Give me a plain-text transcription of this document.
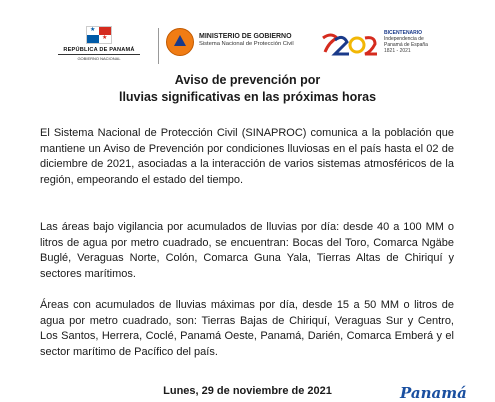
★
★
REPÚBLICA DE PANAMÁ
GOBIERNO NACIONAL
MINISTERIO DE GOBIERNO
Sistema Nacional de Protección Civil
BICENTENARIO
Independencia de
Panamá de España
1821 - 2021
Aviso de prevención por
lluvias significativas en las próximas horas
El Sistema Nacional de Protección Civil (SINAPROC) comunica a la población que mantiene un Aviso de Prevención por condiciones lluviosas en el país hasta el 02 de diciembre de 2021, asociadas a la interacción de varios sistemas atmosféricos de la región, empeorando el estado del tiempo.
Las áreas bajo vigilancia por acumulados de lluvias por día: desde 40 a 100 MM o litros de agua por metro cuadrado, se encuentran: Bocas del Toro, Comarca Ngäbe Buglé, Veraguas Norte, Colón, Comarca Guna Yala, Tierras Altas de Chiriquí y sectores marítimos.
Áreas con acumulados de lluvias máximas por día, desde 15 a 50 MM o litros de agua por metro cuadrado, son: Tierras Bajas de Chiriquí, Veraguas Sur y Centro, Los Santos, Herrera, Coclé, Panamá Oeste, Panamá, Darién, Comarca Emberá y el sector marítimo de Pacífico del país.
Lunes, 29 de noviembre de 2021	Panamá
